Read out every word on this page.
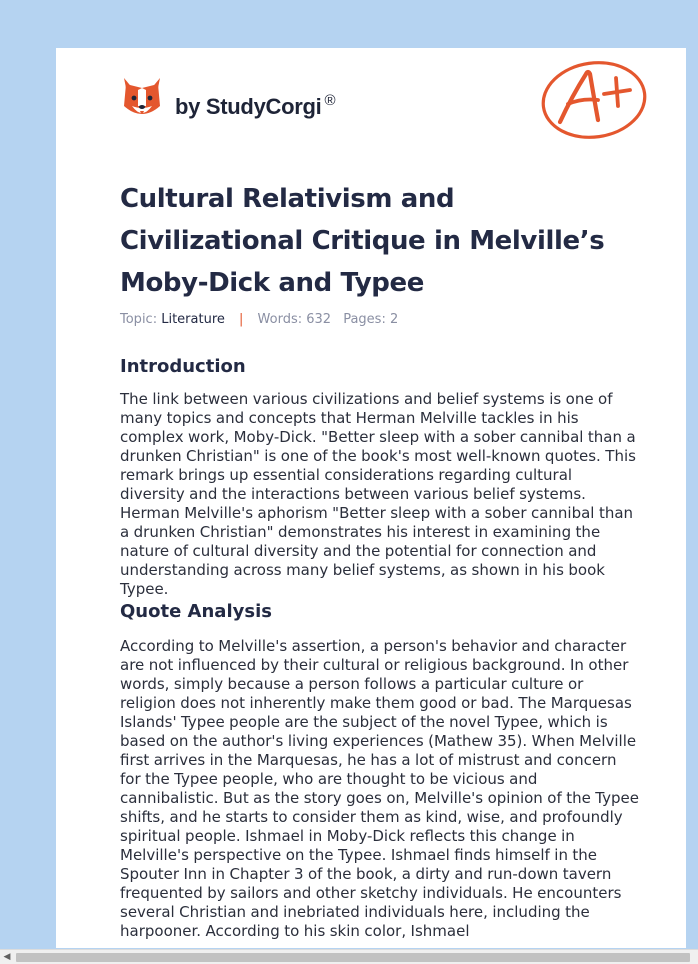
by StudyCorgi ®
Cultural Relativism and Civilizational Critique in Melville’s Moby-Dick and Typee
Topic: Literature | Words: 632 Pages: 2
Introduction

The link between various civilizations and belief systems is one of many topics and concepts that Herman Melville tackles in his complex work, Moby-Dick. "Better sleep with a sober cannibal than a drunken Christian" is one of the book's most well-known quotes. This remark brings up essential considerations regarding cultural diversity and the interactions between various belief systems. Herman Melville's aphorism "Better sleep with a sober cannibal than a drunken Christian" demonstrates his interest in examining the nature of cultural diversity and the potential for connection and understanding across many belief systems, as shown in his book Typee.

Quote Analysis

According to Melville's assertion, a person's behavior and character are not influenced by their cultural or religious background. In other words, simply because a person follows a particular culture or religion does not inherently make them good or bad. The Marquesas Islands' Typee people are the subject of the novel Typee, which is based on the author's living experiences (Mathew 35). When Melville first arrives in the Marquesas, he has a lot of mistrust and concern for the Typee people, who are thought to be vicious and cannibalistic. But as the story goes on, Melville's opinion of the Typee shifts, and he starts to consider them as kind, wise, and profoundly spiritual people. Ishmael in Moby-Dick reflects this change in Melville's perspective on the Typee. Ishmael finds himself in the Spouter Inn in Chapter 3 of the book, a dirty and run-down tavern frequented by sailors and other sketchy individuals. He encounters several Christian and inebriated individuals here, including the harpooner. According to his skin color, Ishmael

◀
